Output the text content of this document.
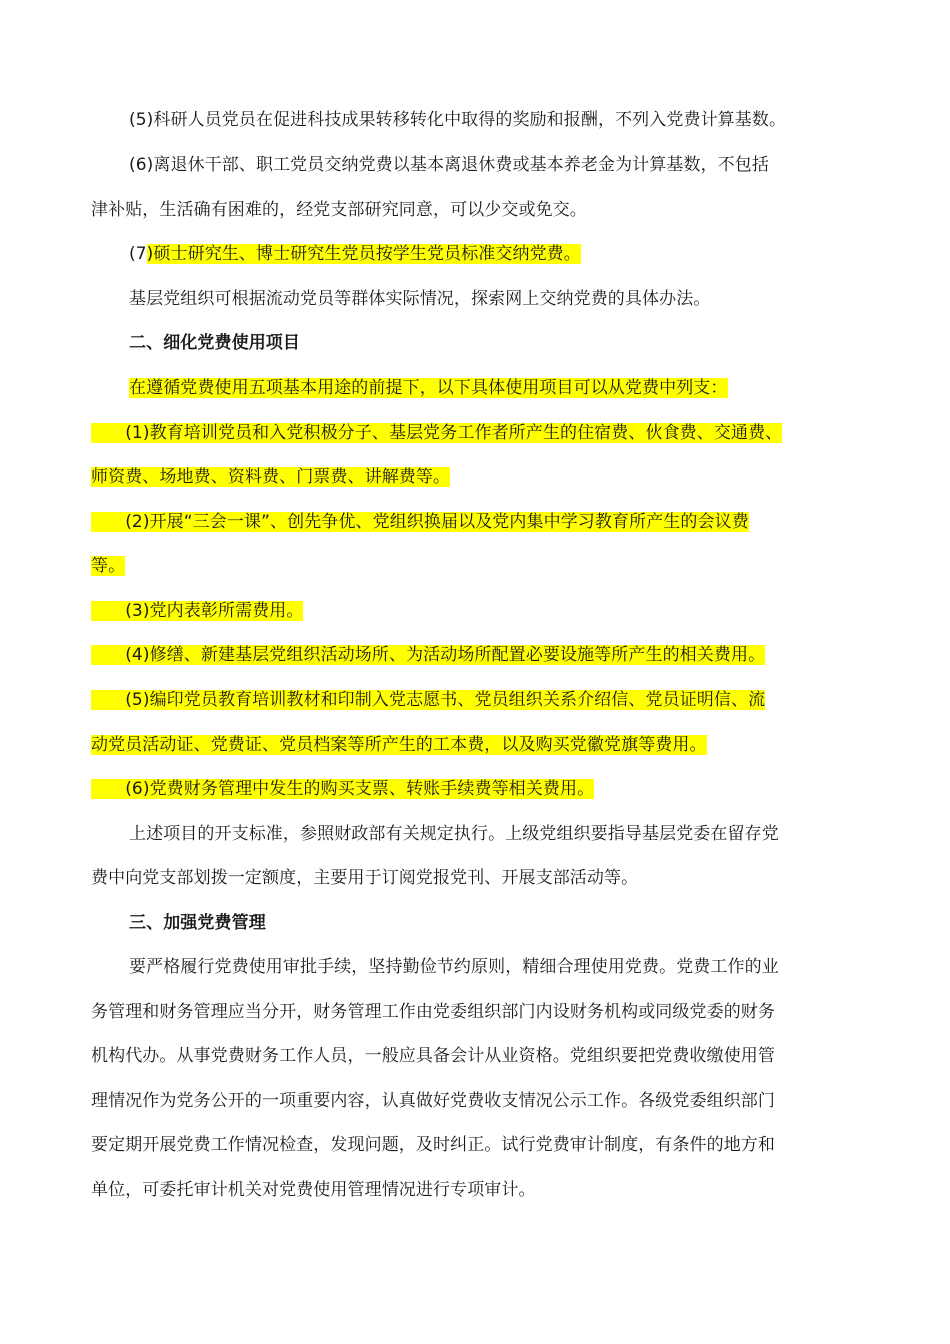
(5)科研人员党员在促进科技成果转移转化中取得的奖励和报酬，不列入党费计算基数。
(6)离退休干部、职工党员交纳党费以基本离退休费或基本养老金为计算基数，不包括
津补贴，生活确有困难的，经党支部研究同意，可以少交或免交。
(7)硕士研究生、博士研究生党员按学生党员标准交纳党费。
基层党组织可根据流动党员等群体实际情况，探索网上交纳党费的具体办法。
二、细化党费使用项目
在遵循党费使用五项基本用途的前提下，以下具体使用项目可以从党费中列支：
　　(1)教育培训党员和入党积极分子、基层党务工作者所产生的住宿费、伙食费、交通费、
师资费、场地费、资料费、门票费、讲解费等。
　　(2)开展“三会一课”、创先争优、党组织换届以及党内集中学习教育所产生的会议费
等。
　　(3)党内表彰所需费用。
　　(4)修缮、新建基层党组织活动场所、为活动场所配置必要设施等所产生的相关费用。
　　(5)编印党员教育培训教材和印制入党志愿书、党员组织关系介绍信、党员证明信、流
动党员活动证、党费证、党员档案等所产生的工本费，以及购买党徽党旗等费用。
　　(6)党费财务管理中发生的购买支票、转账手续费等相关费用。
上述项目的开支标准，参照财政部有关规定执行。上级党组织要指导基层党委在留存党
费中向党支部划拨一定额度，主要用于订阅党报党刊、开展支部活动等。
三、加强党费管理
要严格履行党费使用审批手续，坚持勤俭节约原则，精细合理使用党费。党费工作的业
务管理和财务管理应当分开，财务管理工作由党委组织部门内设财务机构或同级党委的财务
机构代办。从事党费财务工作人员，一般应具备会计从业资格。党组织要把党费收缴使用管
理情况作为党务公开的一项重要内容，认真做好党费收支情况公示工作。各级党委组织部门
要定期开展党费工作情况检查，发现问题，及时纠正。试行党费审计制度，有条件的地方和
单位，可委托审计机关对党费使用管理情况进行专项审计。
